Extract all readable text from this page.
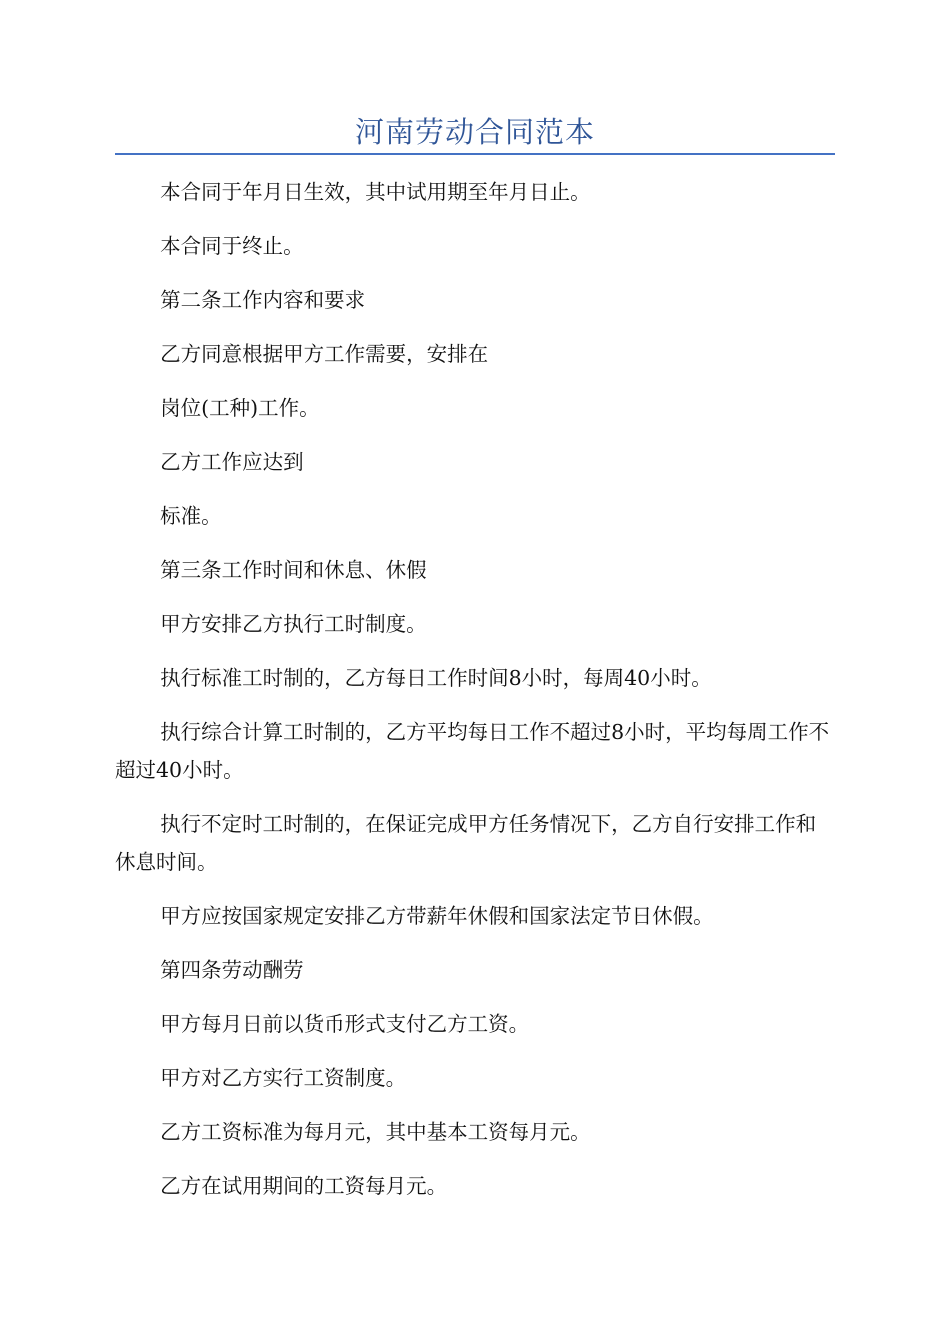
河南劳动合同范本

本合同于年月日生效，其中试用期至年月日止。

本合同于终止。

第二条工作内容和要求

乙方同意根据甲方工作需要，安排在

岗位(工种)工作。

乙方工作应达到

标准。

第三条工作时间和休息、休假

甲方安排乙方执行工时制度。

执行标准工时制的，乙方每日工作时间8小时，每周40小时。

执行综合计算工时制的，乙方平均每日工作不超过8小时，平均每周工作不超过40小时。

执行不定时工时制的，在保证完成甲方任务情况下，乙方自行安排工作和休息时间。

甲方应按国家规定安排乙方带薪年休假和国家法定节日休假。

第四条劳动酬劳

甲方每月日前以货币形式支付乙方工资。

甲方对乙方实行工资制度。

乙方工资标准为每月元，其中基本工资每月元。

乙方在试用期间的工资每月元。
